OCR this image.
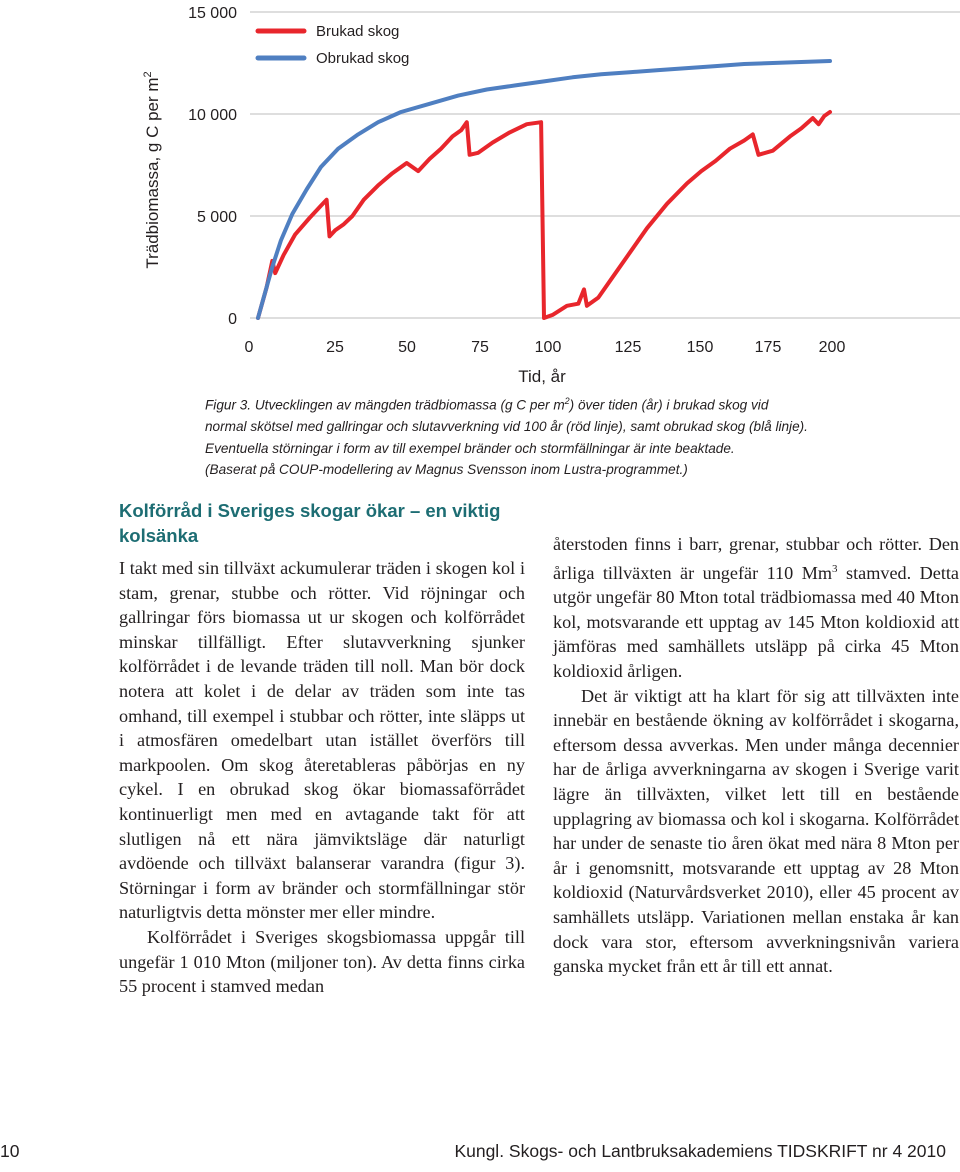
0
5 000
10 000
15 000
0	25	50	75	100	125	150	175 200
Brukad skog
Obrukad skog
Trädbiomassa, g C per $m^2$
Tid, år

Figur 3. Utvecklingen av mängden trädbiomassa (g C per $m^2$) över tiden (år) i brukad skog vid

normal skötsel med gallringar och slutavverkning vid 100 år (röd linje), samt obrukad skog (blå linje).

Eventuella störningar i form av till exempel bränder och stormfällningar är inte beaktade.

(Baserat på COUP-modellering av Magnus Svensson inom Lustra-programmet.)

Kolförråd i Sveriges skogar ökar – en viktig kolsänka

I takt med sin tillväxt ackumulerar träden i skogen kol i stam, grenar, stubbe och rötter. Vid röjningar och gallringar förs biomassa ut ur skogen och kolförrådet minskar tillfälligt. Efter slutavverkning sjunker kolförrådet i de levande träden till noll. Man bör dock notera att kolet i de delar av träden som inte tas omhand, till exempel i stubbar och rötter, inte släpps ut i atmosfären omedelbart utan istället överförs till markpoolen. Om skog återetableras påbörjas en ny cykel. I en obrukad skog ökar biomassaförrådet kontinuerligt men med en avtagande takt för att slutligen nå ett nära jämviktsläge där naturligt avdöende och tillväxt balanserar varandra (figur 3). Störningar i form av bränder och stormfällningar stör naturligtvis detta mönster mer eller mindre.

Kolförrådet i Sveriges skogsbiomassa uppgår till ungefär 1 010 Mton (miljoner ton). Av detta finns cirka 55 procent i stamved medan

återstoden finns i barr, grenar, stubbar och rötter. Den årliga tillväxten är ungefär 110 Mm$^3$ stamved. Detta utgör ungefär 80 Mton total trädbiomassa med 40 Mton kol, motsvarande ett upptag av 145 Mton koldioxid att jämföras med samhällets utsläpp på cirka 45 Mton koldioxid årligen.

Det är viktigt att ha klart för sig att tillväxten inte innebär en bestående ökning av kolförrådet i skogarna, eftersom dessa avverkas. Men under många decennier har de årliga avverkningarna av skogen i Sverige varit lägre än tillväxten, vilket lett till en bestående upplagring av biomassa och kol i skogarna. Kolförrådet har under de senaste tio åren ökat med nära 8 Mton per år i genomsnitt, motsvarande ett upptag av 28 Mton koldioxid (Naturvårdsverket 2010), eller 45 procent av samhällets utsläpp. Variationen mellan enstaka år kan dock vara stor, eftersom avverkningsnivån variera ganska mycket från ett år till ett annat.

10	Kungl. Skogs- och Lantbruksakademiens TIDSKRIFT nr 4 2010
